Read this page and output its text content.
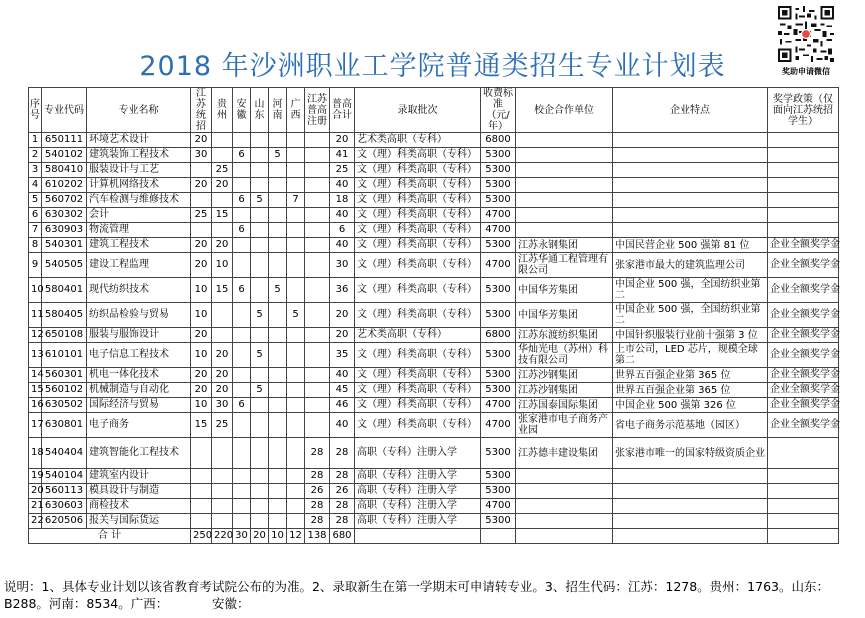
2018 年沙洲职业工学院普通类招生专业计划表	奖助申请微信
序号	专业代码	专业名称	江苏统招	贵州	安徽	山东	河南	广西	江苏普高注册	普高合计	录取批次	收费标准（元/年）	校企合作单位	企业特点	奖学政策（仅面向江苏统招学生）
1	650111	环境艺术设计	20							20	艺术类高职（专科）	6800			
2	540102	建筑装饰工程技术	30		6		5			41	文（理）科类高职（专科）	5300			
3	580410	服装设计与工艺		25						25	文（理）科类高职（专科）	5300			
4	610202	计算机网络技术	20	20						40	文（理）科类高职（专科）	5300			
5	560702	汽车检测与维修技术			6	5		7		18	文（理）科类高职（专科）	5300			
6	630302	会计	25	15						40	文（理）科类高职（专科）	4700			
7	630903	物流管理			6					6	文（理）科类高职（专科）	4700			
8	540301	建筑工程技术	20	20						40	文（理）科类高职（专科）	5300	江苏永钢集团	中国民营企业 500 强第 81 位	企业全额奖学金
9	540505	建设工程监理	20	10						30	文（理）科类高职（专科）	4700	江苏华通工程管理有限公司	张家港市最大的建筑监理公司	企业全额奖学金
10	580401	现代纺织技术	10	15	6		5			36	文（理）科类高职（专科）	5300	中国华芳集团	中国企业 500 强，全国纺织业第二	企业全额奖学金
11	580405	纺织品检验与贸易	10			5		5		20	文（理）科类高职（专科）	5300	中国华芳集团	中国企业 500 强，全国纺织业第二	企业全额奖学金
12	650108	服装与服饰设计	20							20	艺术类高职（专科）	6800	江苏东渡纺织集团	中国针织服装行业前十强第 3 位	企业全额奖学金
13	610101	电子信息工程技术	10	20		5				35	文（理）科类高职（专科）	5300	华灿光电（苏州）科技有限公司	上市公司，LED 芯片，规模全球第二	企业全额奖学金
14	560301	机电一体化技术	20	20						40	文（理）科类高职（专科）	5300	江苏沙钢集团	世界五百强企业第 365 位	企业全额奖学金
15	560102	机械制造与自动化	20	20		5				45	文（理）科类高职（专科）	5300	江苏沙钢集团	世界五百强企业第 365 位	企业全额奖学金
16	630502	国际经济与贸易	10	30	6					46	文（理）科类高职（专科）	4700	江苏国泰国际集团	中国企业 500 强第 326 位	企业全额奖学金
17	630801	电子商务	15	25						40	文（理）科类高职（专科）	4700	张家港市电子商务产业园	省电子商务示范基地（园区）	企业全额奖学金
18	540404	建筑智能化工程技术							28	28	高职（专科）注册入学	5300	江苏德丰建设集团	张家港市唯一的国家特级资质企业	
19	540104	建筑室内设计							28	28	高职（专科）注册入学	5300			
20	560113	模具设计与制造							26	26	高职（专科）注册入学	5300			
21	630603	商检技术							28	28	高职（专科）注册入学	4700			
22	620506	报关与国际货运							28	28	高职（专科）注册入学	5300			
合 计			250	220	30	20	10	12	138	680					
说明：1、具体专业计划以该省教育考试院公布的为准。2、录取新生在第一学期末可申请转专业。3、招生代码：江苏：1278。贵州：1763。山东：B288。河南：8534。广西：　　　　安徽：
